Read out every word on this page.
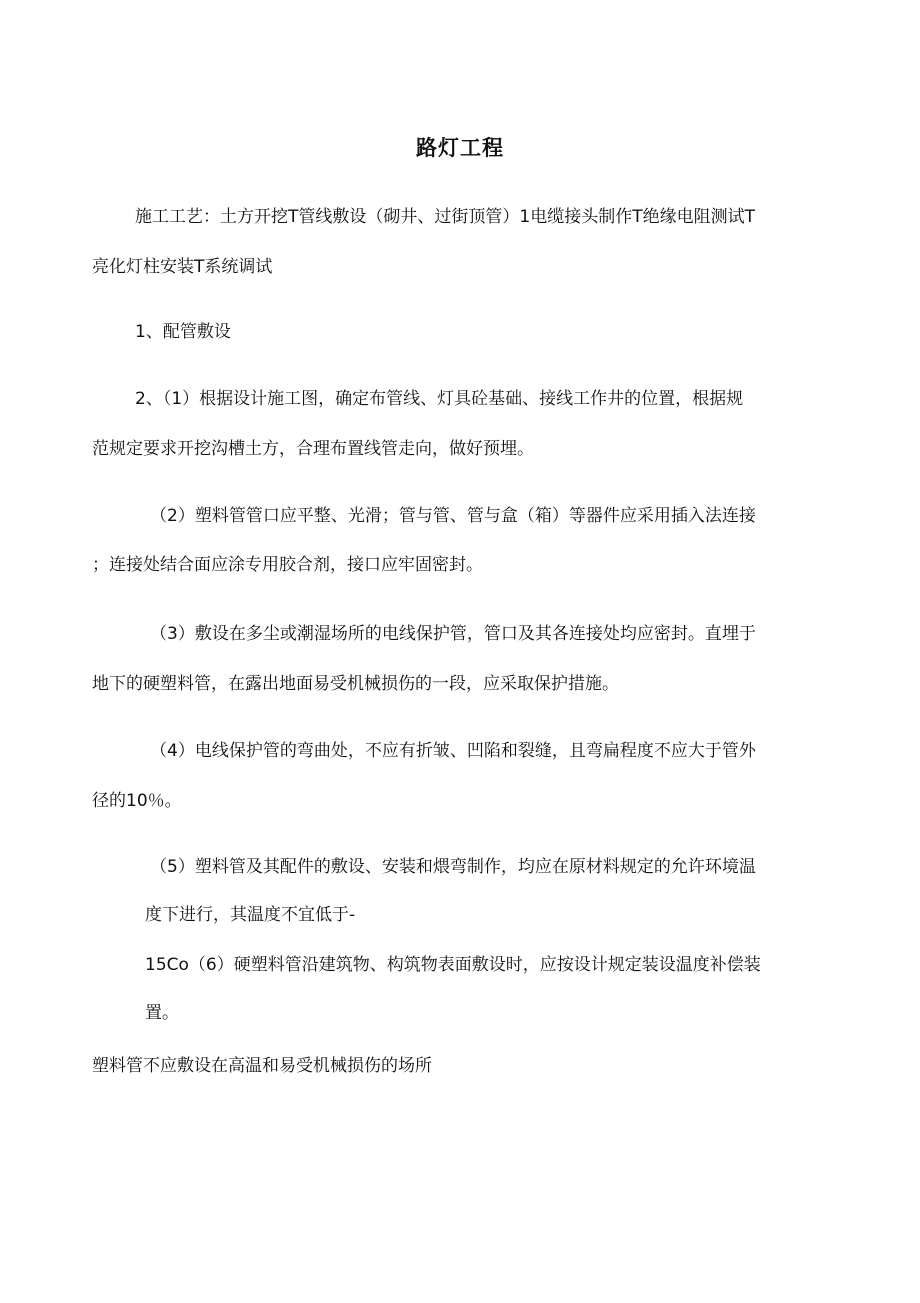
路灯工程
施工工艺：土方开挖T管线敷设（砌井、过街顶管）1电缆接头制作T绝缘电阻测试T
亮化灯柱安装T系统调试
1、配管敷设
2、（1）根据设计施工图，确定布管线、灯具砼基础、接线工作井的位置，根据规
范规定要求开挖沟槽土方，合理布置线管走向，做好预埋。
（2）塑料管管口应平整、光滑；管与管、管与盒（箱）等器件应采用插入法连接
；连接处结合面应涂专用胶合剂，接口应牢固密封。
（3）敷设在多尘或潮湿场所的电线保护管，管口及其各连接处均应密封。直埋于
地下的硬塑料管，在露出地面易受机械损伤的一段，应采取保护措施。
（4）电线保护管的弯曲处，不应有折皱、凹陷和裂缝，且弯扁程度不应大于管外
径的10％。
（5）塑料管及其配件的敷设、安装和煨弯制作，均应在原材料规定的允许环境温
度下进行，其温度不宜低于-
15Co（6）硬塑料管沿建筑物、构筑物表面敷设时，应按设计规定装设温度补偿装
置。
塑料管不应敷设在高温和易受机械损伤的场所
